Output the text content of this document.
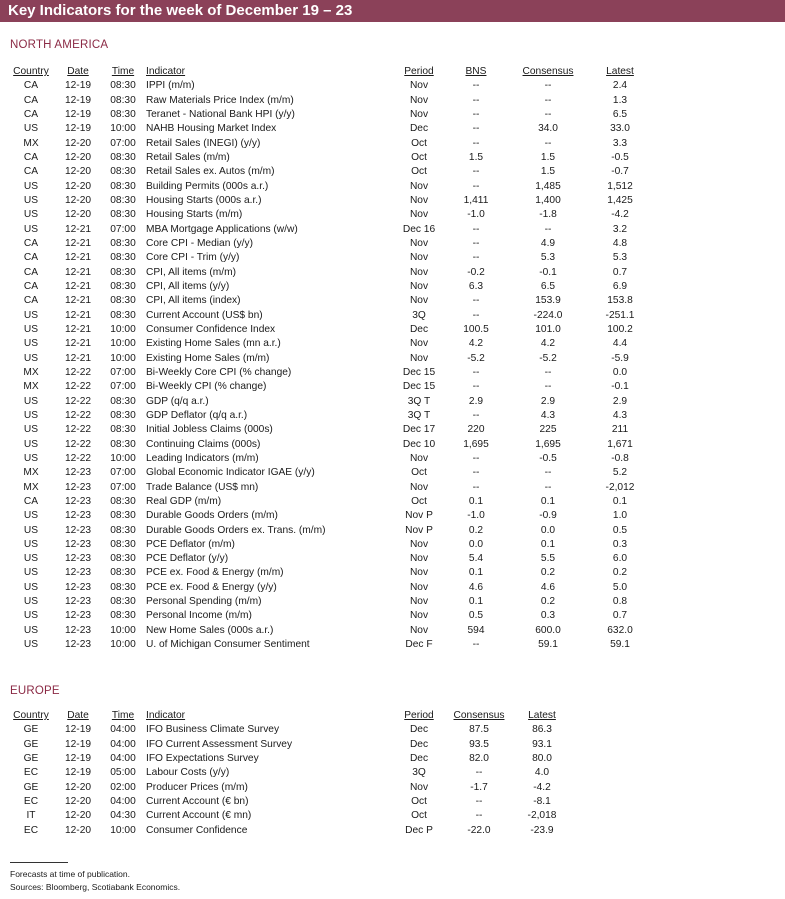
Key Indicators for the week of December 19 – 23
NORTH AMERICA
Country	Date	Time	Indicator	Period	BNS	Consensus	Latest
CA	12-19	08:30	IPPI (m/m)	Nov	--	--	2.4
CA	12-19	08:30	Raw Materials Price Index (m/m)	Nov	--	--	1.3
CA	12-19	08:30	Teranet - National Bank HPI (y/y)	Nov	--	--	6.5
US	12-19	10:00	NAHB Housing Market Index	Dec	--	34.0	33.0
MX	12-20	07:00	Retail Sales (INEGI) (y/y)	Oct	--	--	3.3
CA	12-20	08:30	Retail Sales (m/m)	Oct	1.5	1.5	-0.5
CA	12-20	08:30	Retail Sales ex. Autos (m/m)	Oct	--	1.5	-0.7
US	12-20	08:30	Building Permits (000s a.r.)	Nov	--	1,485	1,512
US	12-20	08:30	Housing Starts (000s a.r.)	Nov	1,411	1,400	1,425
US	12-20	08:30	Housing Starts (m/m)	Nov	-1.0	-1.8	-4.2
US	12-21	07:00	MBA Mortgage Applications (w/w)	Dec 16	--	--	3.2
CA	12-21	08:30	Core CPI - Median (y/y)	Nov	--	4.9	4.8
CA	12-21	08:30	Core CPI - Trim (y/y)	Nov	--	5.3	5.3
CA	12-21	08:30	CPI, All items (m/m)	Nov	-0.2	-0.1	0.7
CA	12-21	08:30	CPI, All items (y/y)	Nov	6.3	6.5	6.9
CA	12-21	08:30	CPI, All items (index)	Nov	--	153.9	153.8
US	12-21	08:30	Current Account (US$ bn)	3Q	--	-224.0	-251.1
US	12-21	10:00	Consumer Confidence Index	Dec	100.5	101.0	100.2
US	12-21	10:00	Existing Home Sales (mn a.r.)	Nov	4.2	4.2	4.4
US	12-21	10:00	Existing Home Sales (m/m)	Nov	-5.2	-5.2	-5.9
MX	12-22	07:00	Bi-Weekly Core CPI (% change)	Dec 15	--	--	0.0
MX	12-22	07:00	Bi-Weekly CPI (% change)	Dec 15	--	--	-0.1
US	12-22	08:30	GDP (q/q a.r.)	3Q T	2.9	2.9	2.9
US	12-22	08:30	GDP Deflator (q/q a.r.)	3Q T	--	4.3	4.3
US	12-22	08:30	Initial Jobless Claims (000s)	Dec 17	220	225	211
US	12-22	08:30	Continuing Claims (000s)	Dec 10	1,695	1,695	1,671
US	12-22	10:00	Leading Indicators (m/m)	Nov	--	-0.5	-0.8
MX	12-23	07:00	Global Economic Indicator IGAE (y/y)	Oct	--	--	5.2
MX	12-23	07:00	Trade Balance (US$ mn)	Nov	--	--	-2,012
CA	12-23	08:30	Real GDP (m/m)	Oct	0.1	0.1	0.1
US	12-23	08:30	Durable Goods Orders (m/m)	Nov P	-1.0	-0.9	1.0
US	12-23	08:30	Durable Goods Orders ex. Trans. (m/m)	Nov P	0.2	0.0	0.5
US	12-23	08:30	PCE Deflator (m/m)	Nov	0.0	0.1	0.3
US	12-23	08:30	PCE Deflator (y/y)	Nov	5.4	5.5	6.0
US	12-23	08:30	PCE ex. Food & Energy (m/m)	Nov	0.1	0.2	0.2
US	12-23	08:30	PCE ex. Food & Energy (y/y)	Nov	4.6	4.6	5.0
US	12-23	08:30	Personal Spending (m/m)	Nov	0.1	0.2	0.8
US	12-23	08:30	Personal Income (m/m)	Nov	0.5	0.3	0.7
US	12-23	10:00	New Home Sales (000s a.r.)	Nov	594	600.0	632.0
US	12-23	10:00	U. of Michigan Consumer Sentiment	Dec F	--	59.1	59.1
EUROPE
Country	Date	Time	Indicator	Period	Consensus	Latest
GE	12-19	04:00	IFO Business Climate Survey	Dec	87.5	86.3
GE	12-19	04:00	IFO Current Assessment Survey	Dec	93.5	93.1
GE	12-19	04:00	IFO Expectations Survey	Dec	82.0	80.0
EC	12-19	05:00	Labour Costs (y/y)	3Q	--	4.0
GE	12-20	02:00	Producer Prices (m/m)	Nov	-1.7	-4.2
EC	12-20	04:00	Current Account (€ bn)	Oct	--	-8.1
IT	12-20	04:30	Current Account (€ mn)	Oct	--	-2,018
EC	12-20	10:00	Consumer Confidence	Dec P	-22.0	-23.9
Forecasts at time of publication.
Sources: Bloomberg, Scotiabank Economics.
